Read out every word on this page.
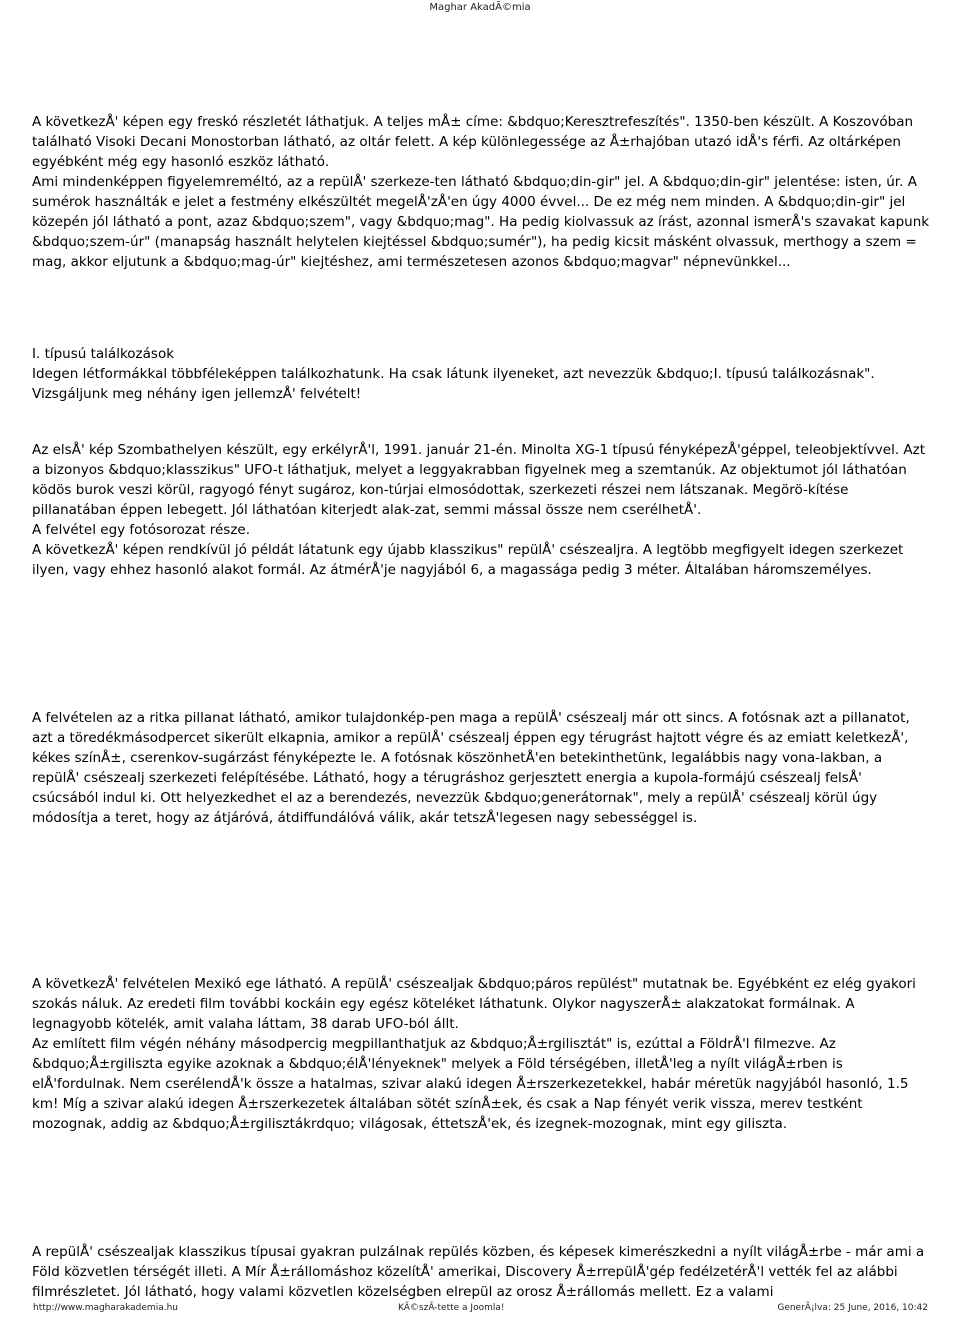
Maghar AkadÃ©mia
A következÅ' képen egy freskó részletét láthatjuk. A teljes mÅ± címe: &bdquo;Keresztrefeszítés". 1350-ben készült. A Koszovóban található Visoki Decani Monostorban látható, az oltár felett. A kép különlegessége az Å±rhajóban utazó idÅ's férfi. Az oltárképen egyébként még egy hasonló eszköz látható.
Ami mindenképpen figyelemreméltó, az a repülÅ' szerkeze-ten látható &bdquo;din-gir" jel. A &bdquo;din-gir" jelentése: isten, úr. A sumérok használták e jelet a festmény elkészültét megelÅ'zÅ'en úgy 4000 évvel... De ez még nem minden. A &bdquo;din-gir" jel közepén jól látható a pont, azaz &bdquo;szem", vagy &bdquo;mag". Ha pedig kiolvassuk az írást, azonnal ismerÅ's szavakat kapunk &bdquo;szem-úr" (manapság használt helytelen kiejtéssel &bdquo;sumér"), ha pedig kicsit másként olvassuk, merthogy a szem = mag, akkor eljutunk a &bdquo;mag-úr" kiejtéshez, ami természetesen azonos &bdquo;magvar" népnevünkkel...

I. típusú találkozások

Idegen létformákkal többféleképpen találkozhatunk. Ha csak látunk ilyeneket, azt nevezzük &bdquo;I. típusú találkozásnak". Vizsgáljunk meg néhány igen jellemzÅ' felvételt!

Az elsÅ' kép Szombathelyen készült, egy erkélyrÅ'l, 1991. január 21-én. Minolta XG-1 típusú fényképezÅ'géppel, teleobjektívvel. Azt a bizonyos &bdquo;klasszikus" UFO-t láthatjuk, melyet a leggyakrabban figyelnek meg a szemtanúk. Az objektumot jól láthatóan ködös burok veszi körül, ragyogó fényt sugároz, kon-túrjai elmosódottak, szerkezeti részei nem látszanak. Megörö-kítése pillanatában éppen lebegett. Jól láthatóan kiterjedt alak-zat, semmi mással össze nem cserélhetÅ'.

A felvétel egy fotósorozat része.

A következÅ' képen rendkívül jó példát látatunk egy újabb klasszikus" repülÅ' csészealjra. A legtöbb megfigyelt idegen szerkezet ilyen, vagy ehhez hasonló alakot formál. Az átmérÅ'je nagyjából 6, a magassága pedig 3 méter. Általában háromszemélyes.

A felvételen az a ritka pillanat látható, amikor tulajdonkép-pen maga a repülÅ' csészealj már ott sincs. A fotósnak azt a pillanatot, azt a töredékmásodpercet sikerült elkapnia, amikor a repülÅ' csészealj éppen egy térugrást hajtott végre és az emiatt keletkezÅ', kékes színÅ±, cserenkov-sugárzást fényképezte le. A fotósnak köszönhetÅ'en betekinthetünk, legalábbis nagy vona-lakban, a repülÅ' csészealj szerkezeti felépítésébe. Látható, hogy a térugráshoz gerjesztett energia a kupola-formájú csészealj felsÅ' csúcsából indul ki. Ott helyezkedhet el az a berendezés, nevezzük &bdquo;generátornak", mely a repülÅ' csészealj körül úgy módosítja a teret, hogy az átjáróvá, átdiffundálóvá válik, akár tetszÅ'legesen nagy sebességgel is.

A következÅ' felvételen Mexikó ege látható. A repülÅ' csészealjak &bdquo;páros repülést" mutatnak be. Egyébként ez elég gyakori szokás náluk. Az eredeti film további kockáin egy egész köteléket láthatunk. Olykor nagyszerÅ± alakzatokat formálnak. A legnagyobb kötelék, amit valaha láttam, 38 darab UFO-ból állt.

Az említett film végén néhány másodpercig megpillanthatjuk az &bdquo;Å±rgilisztát" is, ezúttal a FöldrÅ'l filmezve. Az &bdquo;Å±rgiliszta egyike azoknak a &bdquo;élÅ'lényeknek" melyek a Föld térségében, illetÅ'leg a nyílt világÅ±rben is elÅ'fordulnak. Nem cserélendÅ'k össze a hatalmas, szivar alakú idegen Å±rszerkezetekkel, habár méretük nagyjából hasonló, 1.5 km! Míg a szivar alakú idegen Å±rszerkezetek általában sötét színÅ±ek, és csak a Nap fényét verik vissza, merev testként mozognak, addig az &bdquo;Å±rgilisztákrdquo; világosak, éttetszÅ'ek, és izegnek-mozognak, mint egy giliszta.

A repülÅ' csészealjak klasszikus típusai gyakran pulzálnak repülés közben, és képesek kimerészkedni a nyílt világÅ±rbe - már ami a Föld közvetlen térségét illeti. A Mír Å±rállomáshoz közelítÅ' amerikai, Discovery Å±rrepülÅ'gép fedélzetérÅ'l vették fel az alábbi filmrészletet. Jól látható, hogy valami közvetlen közelségben elrepül az orosz Å±rállomás mellett. Ez a valami
http://www.magharakademia.hu	KÃ©szÃ-tette a Joomla!	GenerÃ¡lva: 25 June, 2016, 10:42
